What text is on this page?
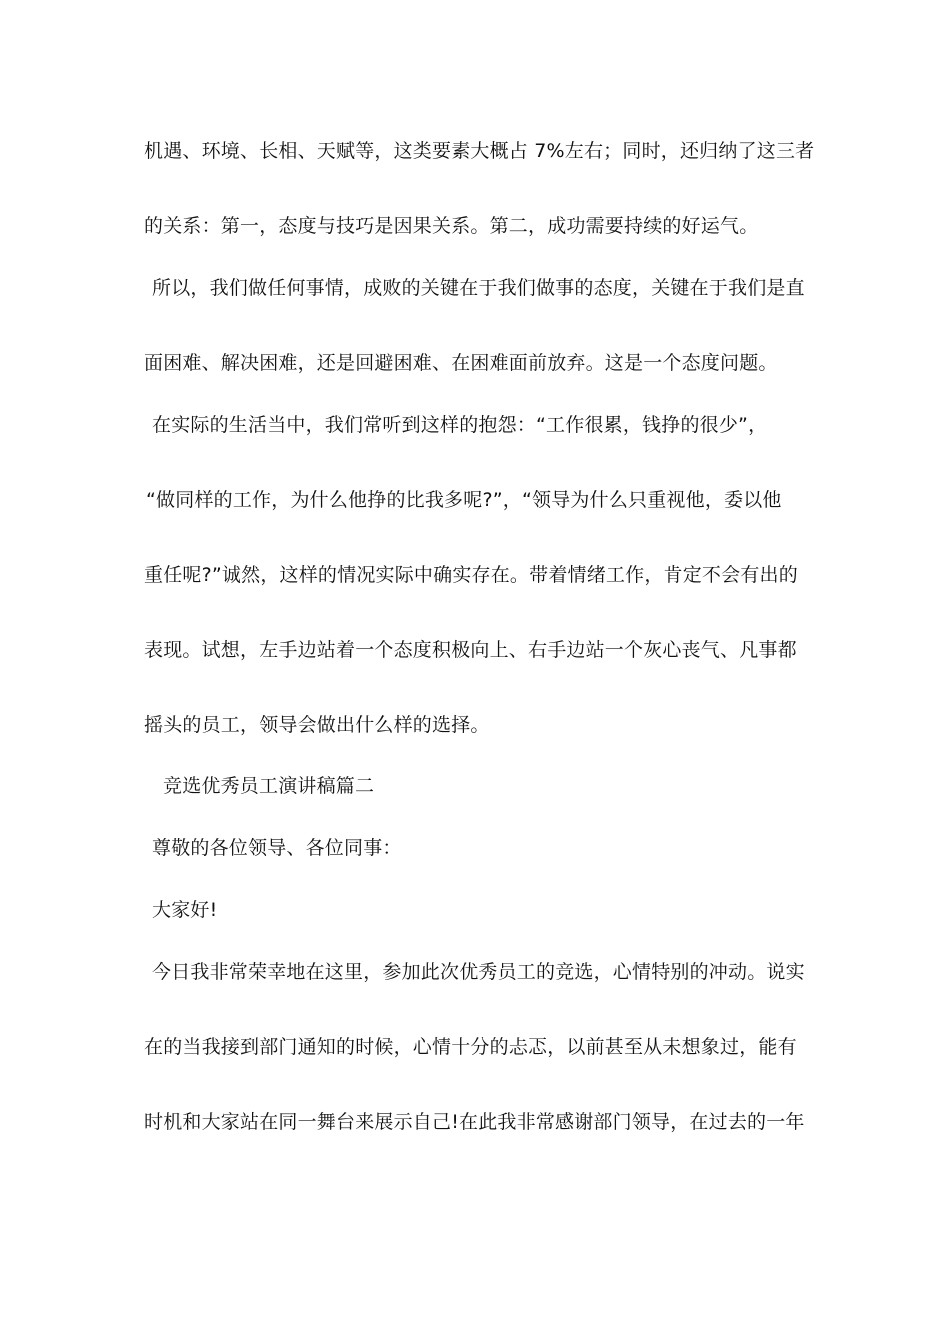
机遇、环境、长相、天赋等，这类要素大概占 7%左右；同时，还归纳了这三者
的关系：第一，态度与技巧是因果关系。第二，成功需要持续的好运气。
所以，我们做任何事情，成败的关键在于我们做事的态度，关键在于我们是直
面困难、解决困难，还是回避困难、在困难面前放弃。这是一个态度问题。
在实际的生活当中，我们常听到这样的抱怨：“工作很累，钱挣的很少”，
“做同样的工作，为什么他挣的比我多呢?”，“领导为什么只重视他，委以他
重任呢?”诚然，这样的情况实际中确实存在。带着情绪工作，肯定不会有出的
表现。试想，左手边站着一个态度积极向上、右手边站一个灰心丧气、凡事都
摇头的员工，领导会做出什么样的选择。
竞选优秀员工演讲稿篇二
尊敬的各位领导、各位同事：
大家好!
今日我非常荣幸地在这里，参加此次优秀员工的竞选，心情特别的冲动。说实
在的当我接到部门通知的时候，心情十分的忐忑，以前甚至从未想象过，能有
时机和大家站在同一舞台来展示自己!在此我非常感谢部门领导，在过去的一年
